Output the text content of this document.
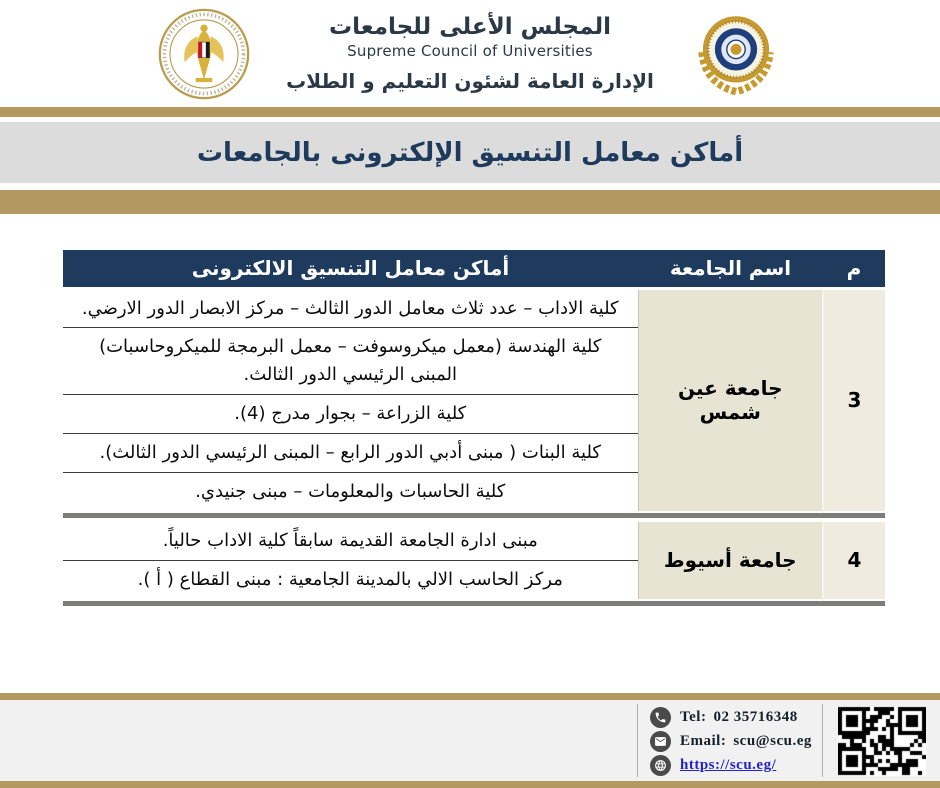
المجلس الأعلى للجامعات
Supreme Council of Universities
الإدارة العامة لشئون التعليم و الطلاب
أماكن معامل التنسيق الإلكترونى بالجامعات
م	اسم الجامعة	أماكن معامل التنسيق الالكترونى
3	جامعة عين شمس	كلية الاداب – عدد ثلاث معامل الدور الثالث – مركز الابصار الدور الارضي.
		كلية الهندسة (معمل ميكروسوفت – معمل البرمجة للميكروحاسبات) المبنى الرئيسي الدور الثالث.
		كلية الزراعة – بجوار مدرج (4).
		كلية البنات ( مبنى أدبي الدور الرابع – المبنى الرئيسي الدور الثالث).
		كلية الحاسبات والمعلومات – مبنى جنيدي.

4	جامعة أسيوط	مبنى ادارة الجامعة القديمة سابقاً كلية الاداب حالياً.
		مركز الحاسب الالي بالمدينة الجامعية : مبنى القطاع ( أ ).

Tel: 02 35716348
Email: scu@scu.eg
https://scu.eg/
